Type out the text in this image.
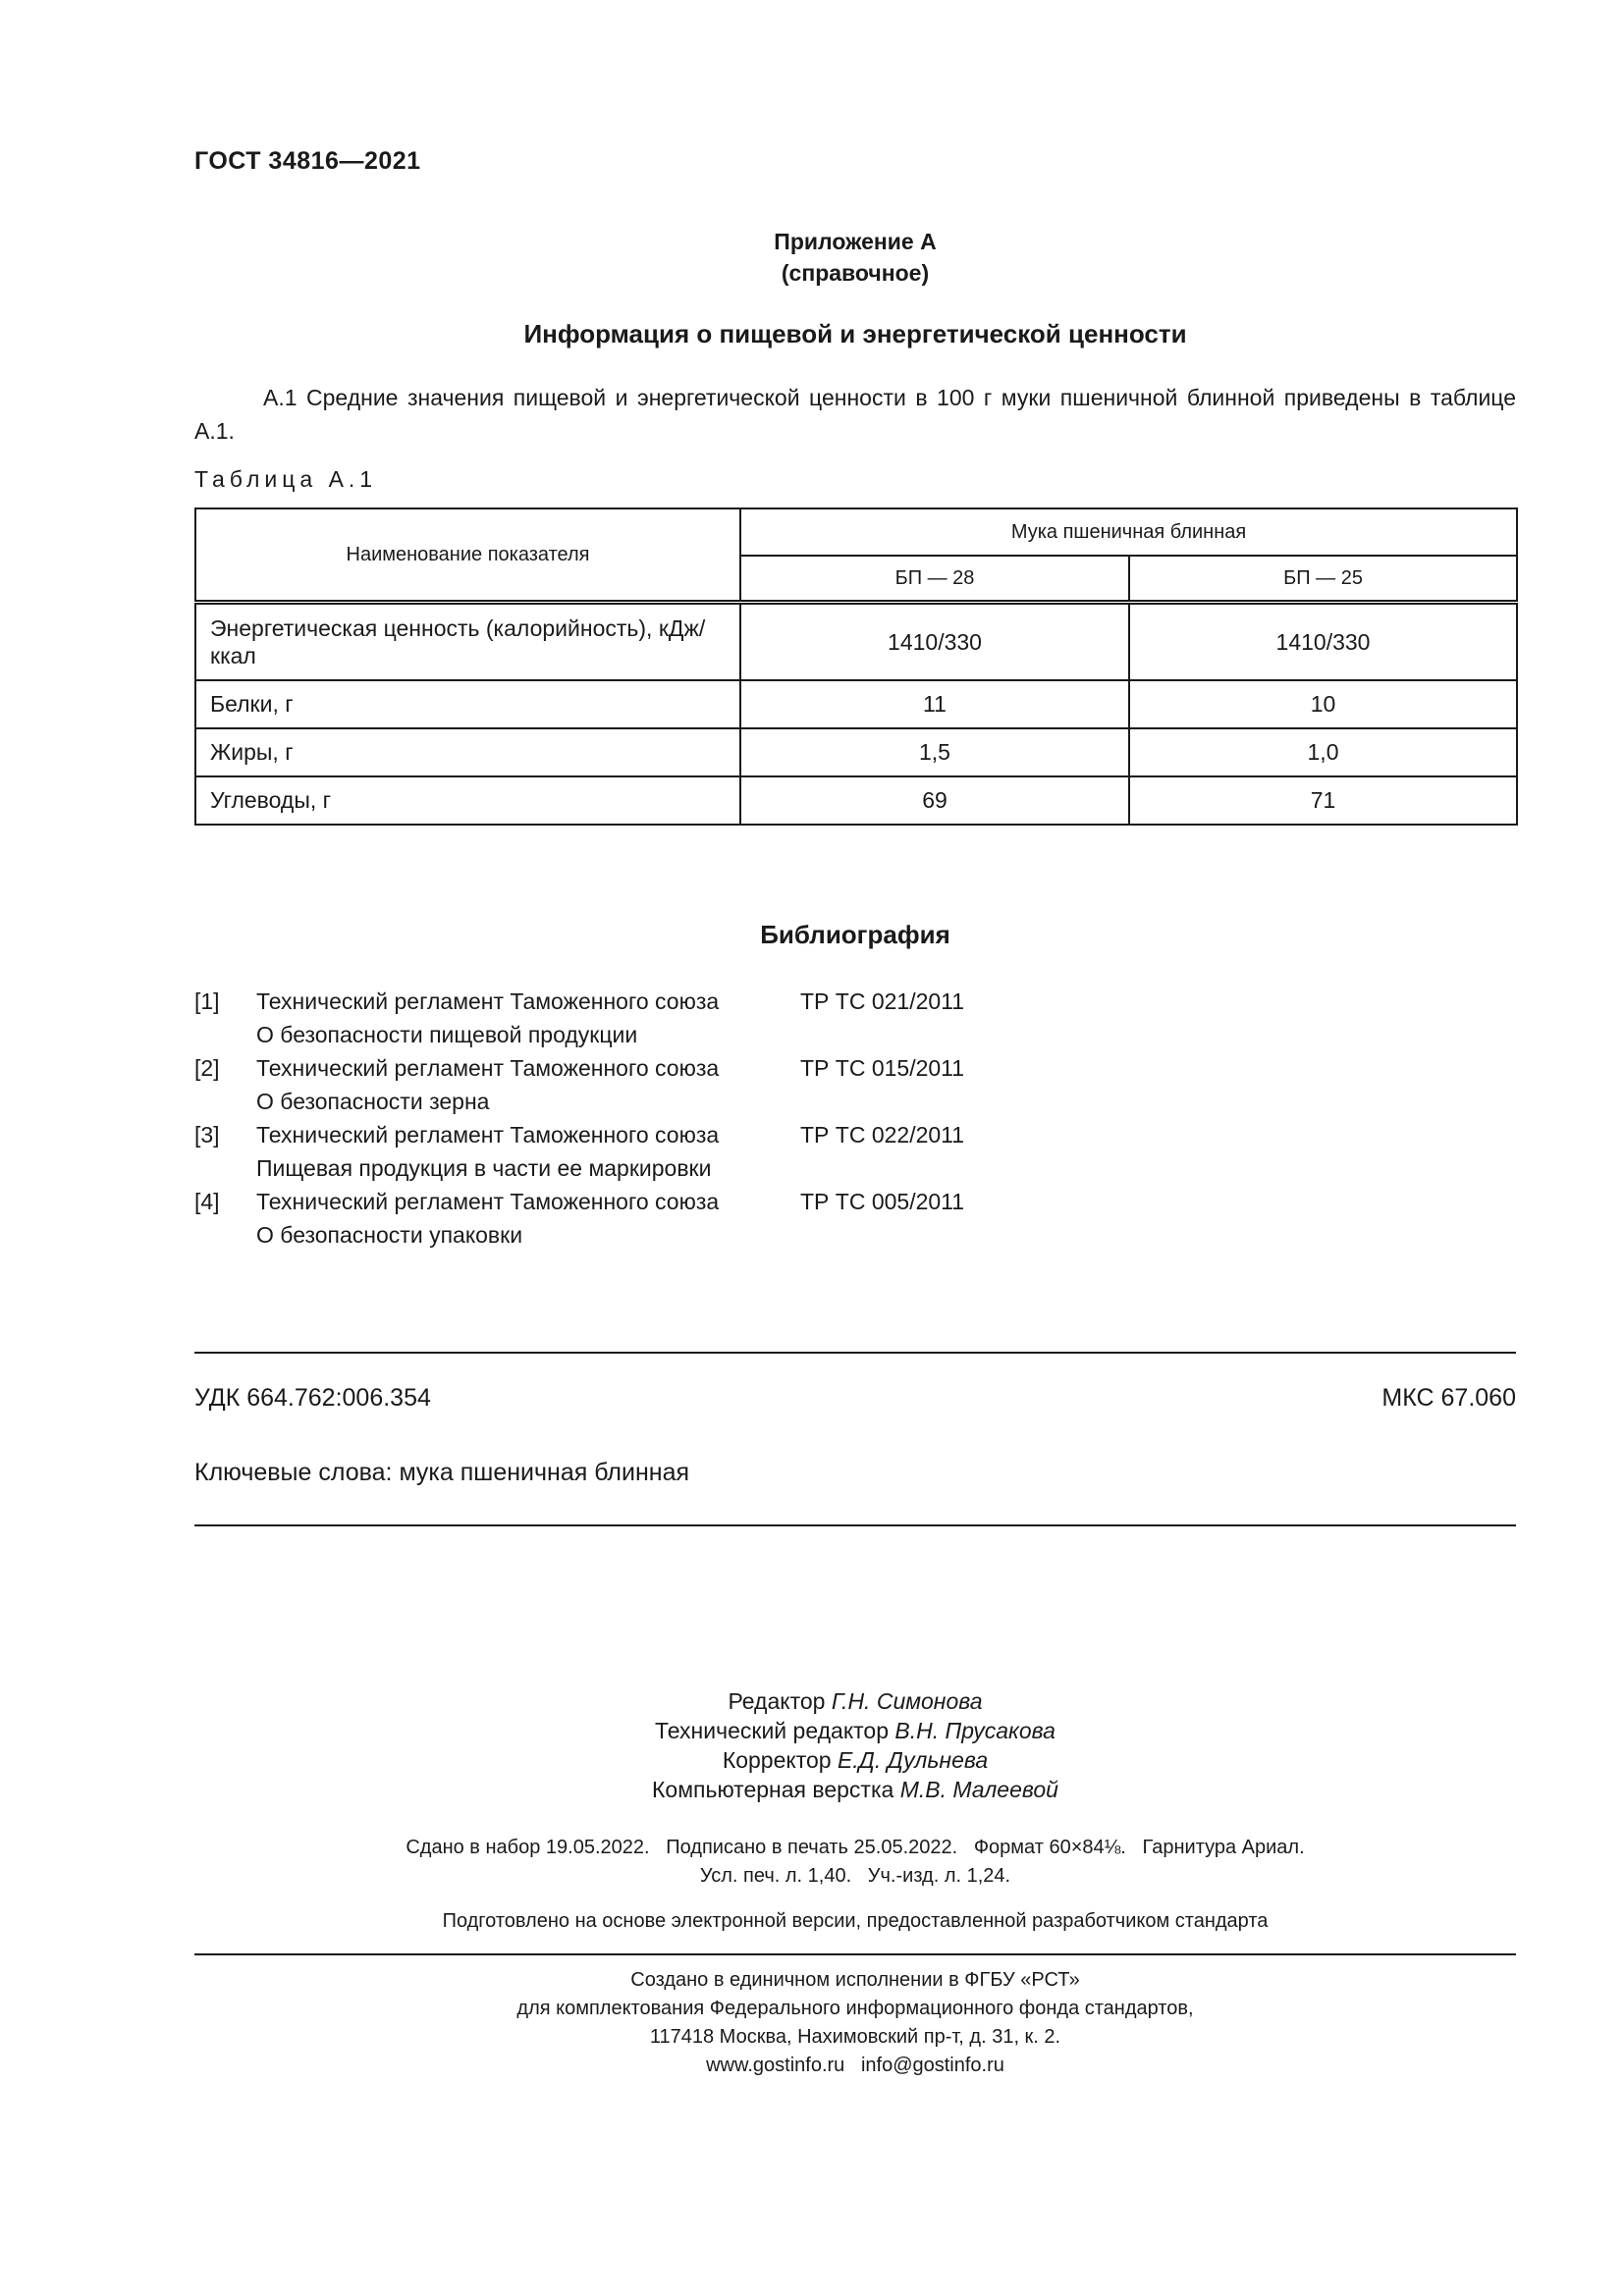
ГОСТ 34816—2021
Приложение А
(справочное)
Информация о пищевой и энергетической ценности
А.1 Средние значения пищевой и энергетической ценности в 100 г муки пшеничной блинной приведены в таблице А.1.
Таблица А.1
Наименование показателя	Мука пшеничная блинная	
	БП — 28	БП — 25
Энергетическая ценность (калорийность), кДж/ккал	1410/330	1410/330
Белки, г	11	10
Жиры, г	1,5	1,0
Углеводы, г	69	71
Библиография
[1] Технический регламент Таможенного союза
О безопасности пищевой продукции
ТР ТС 021/2011
[2] Технический регламент Таможенного союза
О безопасности зерна
ТР ТС 015/2011
[3] Технический регламент Таможенного союза
Пищевая продукция в части ее маркировки
ТР ТС 022/2011
[4] Технический регламент Таможенного союза
О безопасности упаковки
ТР ТС 005/2011
УДК 664.762:006.354	МКС 67.060
Ключевые слова: мука пшеничная блинная
Редактор Г.Н. Симонова
Технический редактор В.Н. Прусакова
Корректор Е.Д. Дульнева
Компьютерная верстка М.В. Малеевой
Сдано в набор 19.05.2022.   Подписано в печать 25.05.2022.   Формат 60×84⅛.   Гарнитура Ариал.
Усл. печ. л. 1,40.   Уч.-изд. л. 1,24.
Подготовлено на основе электронной версии, предоставленной разработчиком стандарта
Создано в единичном исполнении в ФГБУ «РСТ»
для комплектования Федерального информационного фонда стандартов,
117418 Москва, Нахимовский пр-т, д. 31, к. 2.
www.gostinfo.ru   info@gostinfo.ru
